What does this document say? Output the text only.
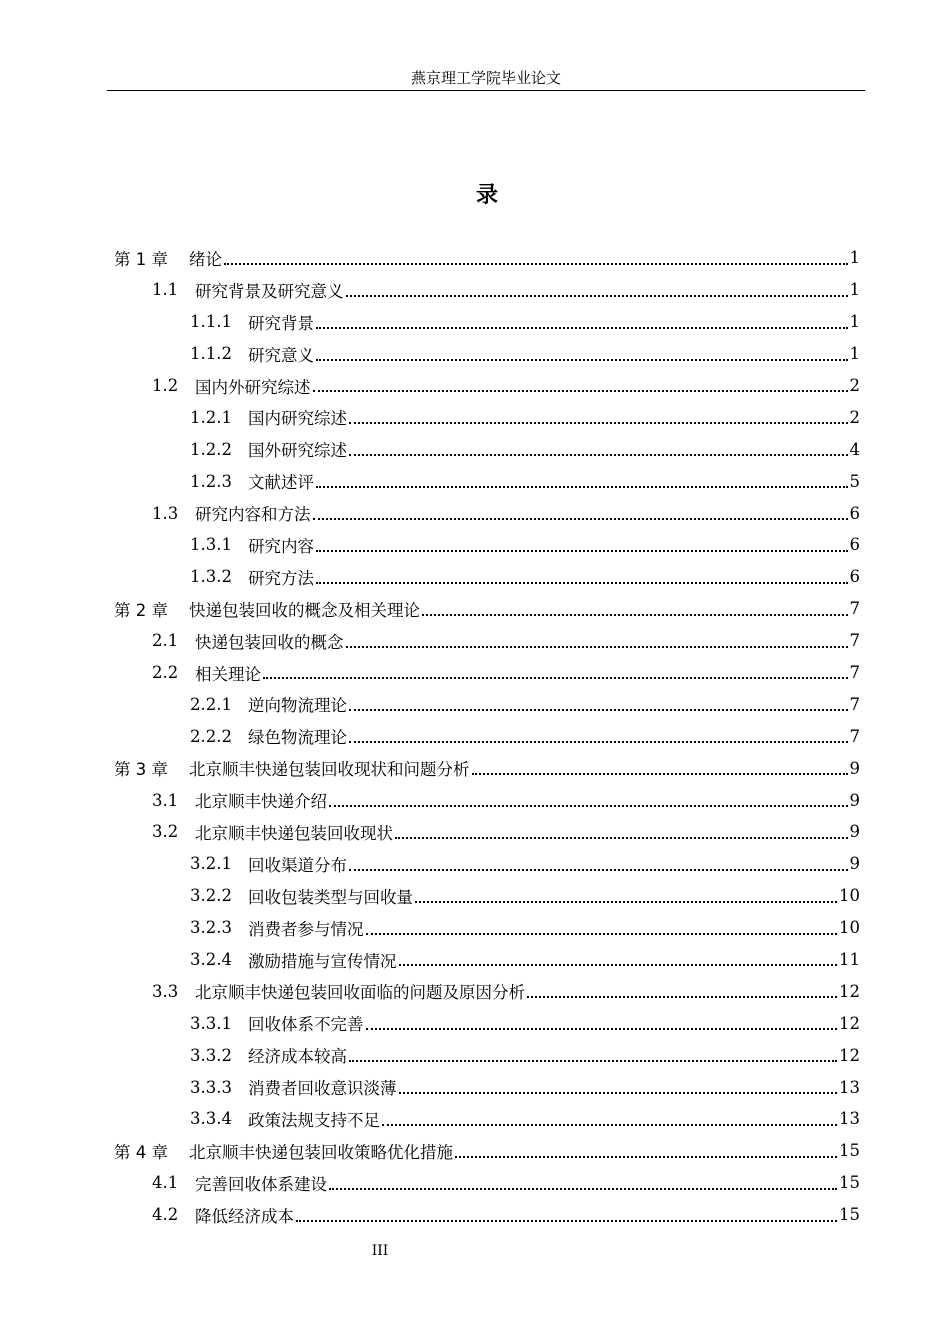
燕京理工学院毕业论文
录
第 1 章	绪论	1
1.1	研究背景及研究意义	1
1.1.1 研究背景	1
1.1.2 研究意义	1
1.2	国内外研究综述	2
1.2.1 国内研究综述	2
1.2.2 国外研究综述	4
1.2.3 文献述评	5
1.3	研究内容和方法	6
1.3.1 研究内容	6
1.3.2 研究方法	6
第 2 章	快递包装回收的概念及相关理论	7
2.1	快递包装回收的概念	7
2.2	相关理论	7
2.2.1 逆向物流理论	7
2.2.2 绿色物流理论	7
第 3 章	北京顺丰快递包装回收现状和问题分析	9
3.1	北京顺丰快递介绍	9
3.2	北京顺丰快递包装回收现状	9
3.2.1 回收渠道分布	9
3.2.2 回收包装类型与回收量	10
3.2.3 消费者参与情况	10
3.2.4 激励措施与宣传情况	11
3.3	北京顺丰快递包装回收面临的问题及原因分析	12
3.3.1 回收体系不完善	12
3.3.2 经济成本较高	12
3.3.3 消费者回收意识淡薄	13
3.3.4 政策法规支持不足	13
第 4 章	北京顺丰快递包装回收策略优化措施	15
4.1	完善回收体系建设	15
4.2	降低经济成本	15
III
